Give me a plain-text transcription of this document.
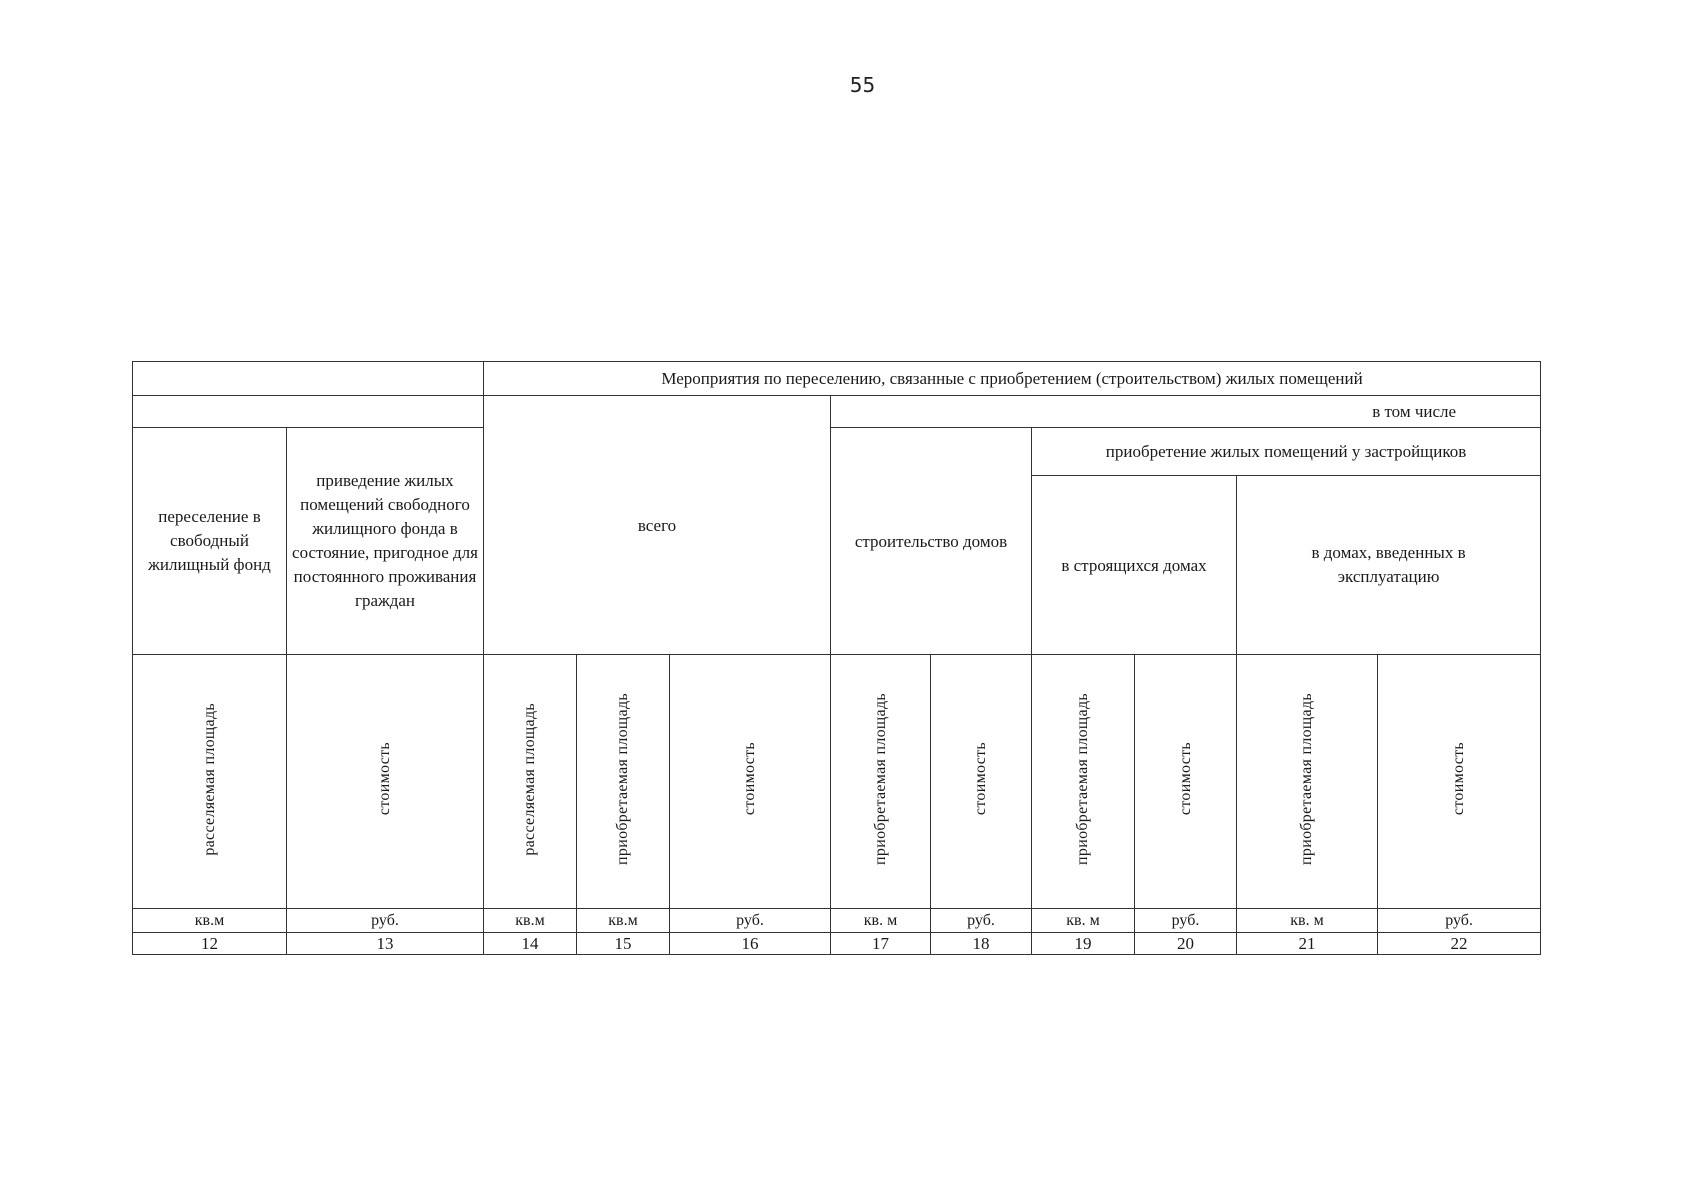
55
		Мероприятия по переселению, связанные с приобретением (строительством) жилых помещений								
		всего			в том числе					
переселение в свободный жилищный фонд	приведение жилых помещений свободного жилищного фонда в состояние, пригодное для постоянного проживания граждан				строительство домов		приобретение жилых помещений у застройщиков			
							в строящихся домах		в домах, введенных в эксплуатацию	
расселяемая площадь	стоимость	расселяемая площадь	приобретаемая площадь	стоимость	приобретаемая площадь	стоимость	приобретаемая площадь	стоимость	приобретаемая площадь	стоимость
кв.м	руб.	кв.м	кв.м	руб.	кв. м	руб.	кв. м	руб.	кв. м	руб.
12	13	14	15	16	17	18	19	20	21	22
